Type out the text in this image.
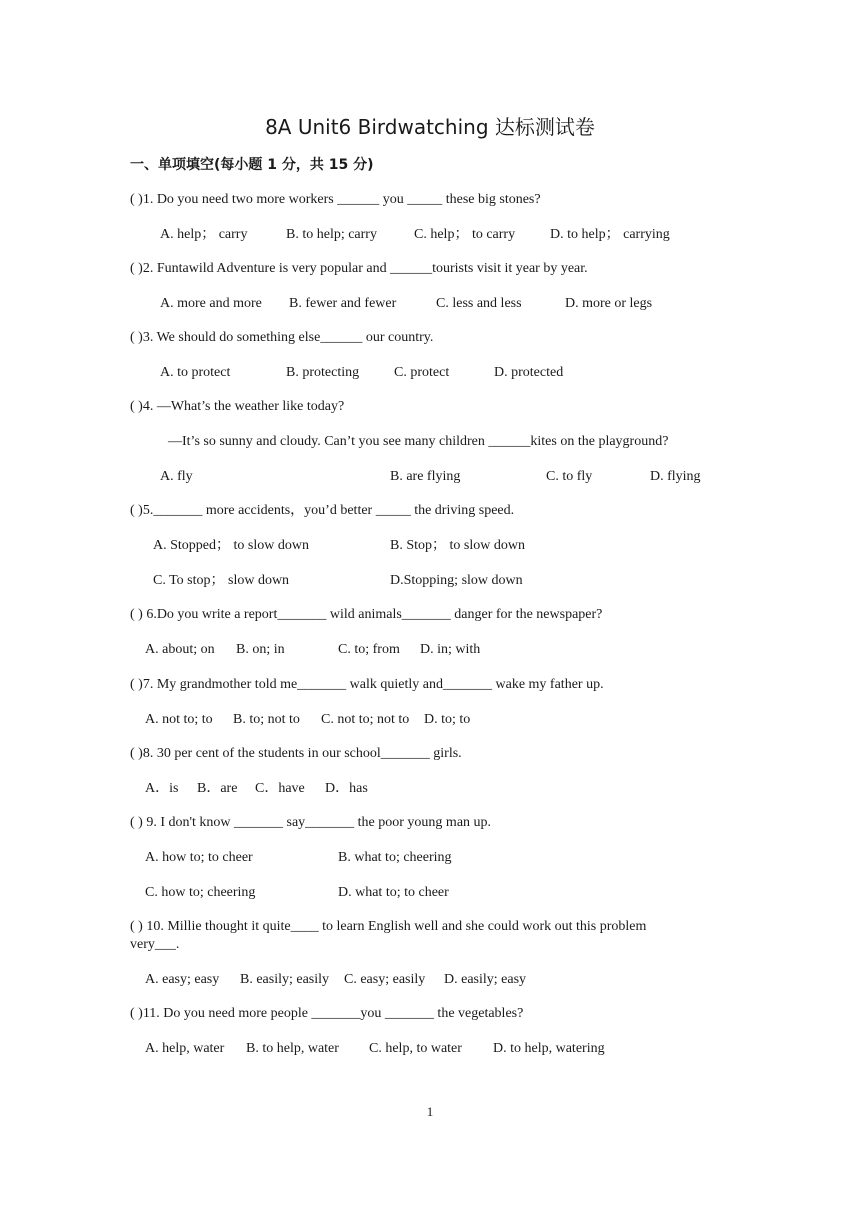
8A Unit6 Birdwatching 达标测试卷
一、单项填空(每小题 1 分，共 15 分)
( )1. Do you need two more workers ______ you _____ these big stones?
A. help； carry	B. to help; carry	C. help； to carry D. to help； carrying
( )2. Funtawild Adventure is very popular and ______tourists visit it year by year.
A. more and more B. fewer and fewer	C. less and less	D. more or legs
( )3. We should do something else______ our country.
A. to protect	B. protecting C. protect	D. protected
( )4. —What’s the weather like today?
—It’s so sunny and cloudy. Can’t you see many children ______kites on the playground?
A. fly	B. are flying	C. to fly	D. flying
( )5._______ more accidents，you’d better _____ the driving speed.
A. Stopped； to slow down	B. Stop； to slow down
C. To stop； slow down	D.Stopping; slow down
( ) 6.Do you write a report_______ wild animals_______ danger for the newspaper?
A. about; on B. on; in	C. to; from D. in; with
( )7. My grandmother told me_______ walk quietly and_______ wake my father up.
A. not to; to B. to; not to C. not to; not to D. to; to
( )8. 30 per cent of the students in our school_______ girls.
A．is B．are C．have D．has
( ) 9. I don't know _______ say_______ the poor young man up.
A. how to; to cheer	B. what to; cheering
C. how to; cheering	D. what to; to cheer
( ) 10. Millie thought it quite____ to learn English well and she could work out this problem
very___.
A. easy; easy B. easily; easily C. easy; easily D. easily; easy
( )11. Do you need more people _______you _______ the vegetables?
A. help, water B. to help, water C. help, to water D. to help, watering
1
